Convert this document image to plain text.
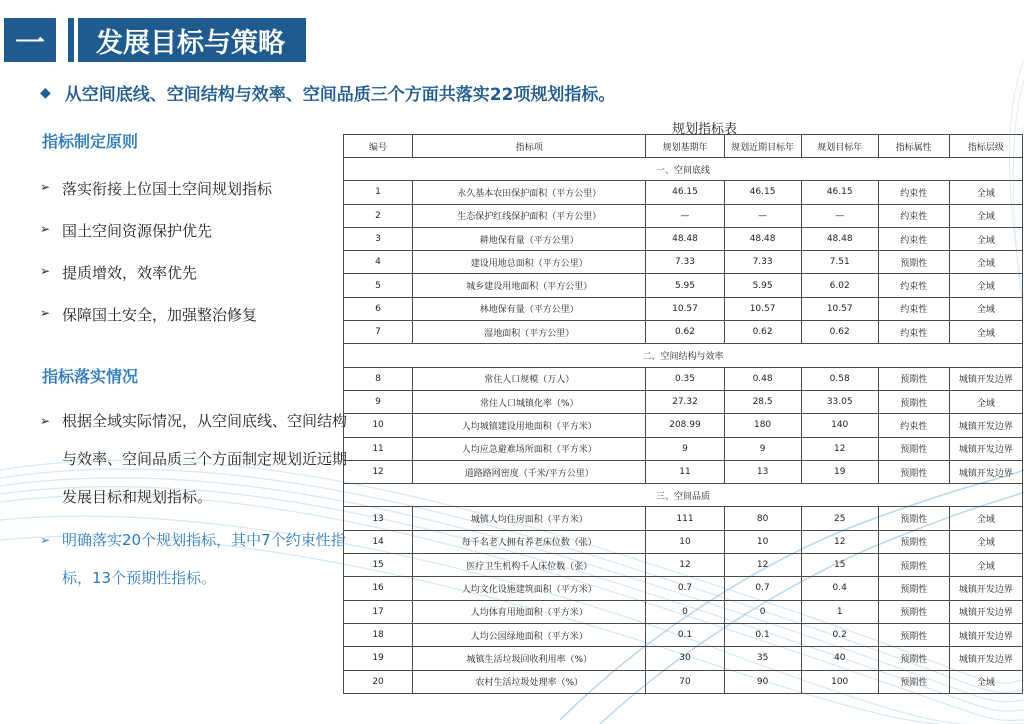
一 发展目标与策略
◆ 从空间底线、空间结构与效率、空间品质三个方面共落实22项规划指标。
指标制定原则
➢ 落实衔接上位国土空间规划指标
➢ 国土空间资源保护优先
➢ 提质增效，效率优先
➢ 保障国土安全，加强整治修复
指标落实情况
➢ 根据全域实际情况，从空间底线、空间结构与效率、空间品质三个方面制定规划近远期发展目标和规划指标。
➢ 明确落实20个规划指标，其中7个约束性指标，13个预期性指标。
规划指标表
编号	指标项	规划基期年	规划近期目标年	规划目标年	指标属性	指标层级
一、空间底线						
1	永久基本农田保护面积（平方公里）	46.15	46.15	46.15	约束性	全域
2	生态保护红线保护面积（平方公里）	—	—	—	约束性	全域
3	耕地保有量（平方公里）	48.48	48.48	48.48	约束性	全域
4	建设用地总面积（平方公里）	7.33	7.33	7.51	预期性	全域
5	城乡建设用地面积（平方公里）	5.95	5.95	6.02	约束性	全域
6	林地保有量（平方公里）	10.57	10.57	10.57	约束性	全域
7	湿地面积（平方公里）	0.62	0.62	0.62	约束性	全域
二、空间结构与效率						
8	常住人口规模（万人）	0.35	0.48	0.58	预期性	城镇开发边界
9	常住人口城镇化率（%）	27.32	28.5	33.05	预期性	全域
10	人均城镇建设用地面积（平方米）	208.99	180	140	约束性	城镇开发边界
11	人均应急避难场所面积（平方米）	9	9	12	预期性	城镇开发边界
12	道路路网密度（千米/平方公里）	11	13	19	预期性	城镇开发边界
三、空间品质						
13	城镇人均住房面积（平方米）	111	80	25	预期性	全域
14	每千名老人拥有养老床位数（张）	10	10	12	预期性	全域
15	医疗卫生机构千人床位数（张）	12	12	15	预期性	全域
16	人均文化设施建筑面积（平方米）	0.7	0.7	0.4	预期性	城镇开发边界
17	人均体育用地面积（平方米）	0	0	1	预期性	城镇开发边界
18	人均公园绿地面积（平方米）	0.1	0.1	0.2	预期性	城镇开发边界
19	城镇生活垃圾回收利用率（%）	30	35	40	预期性	城镇开发边界
20	农村生活垃圾处理率（%）	70	90	100	预期性	全域
